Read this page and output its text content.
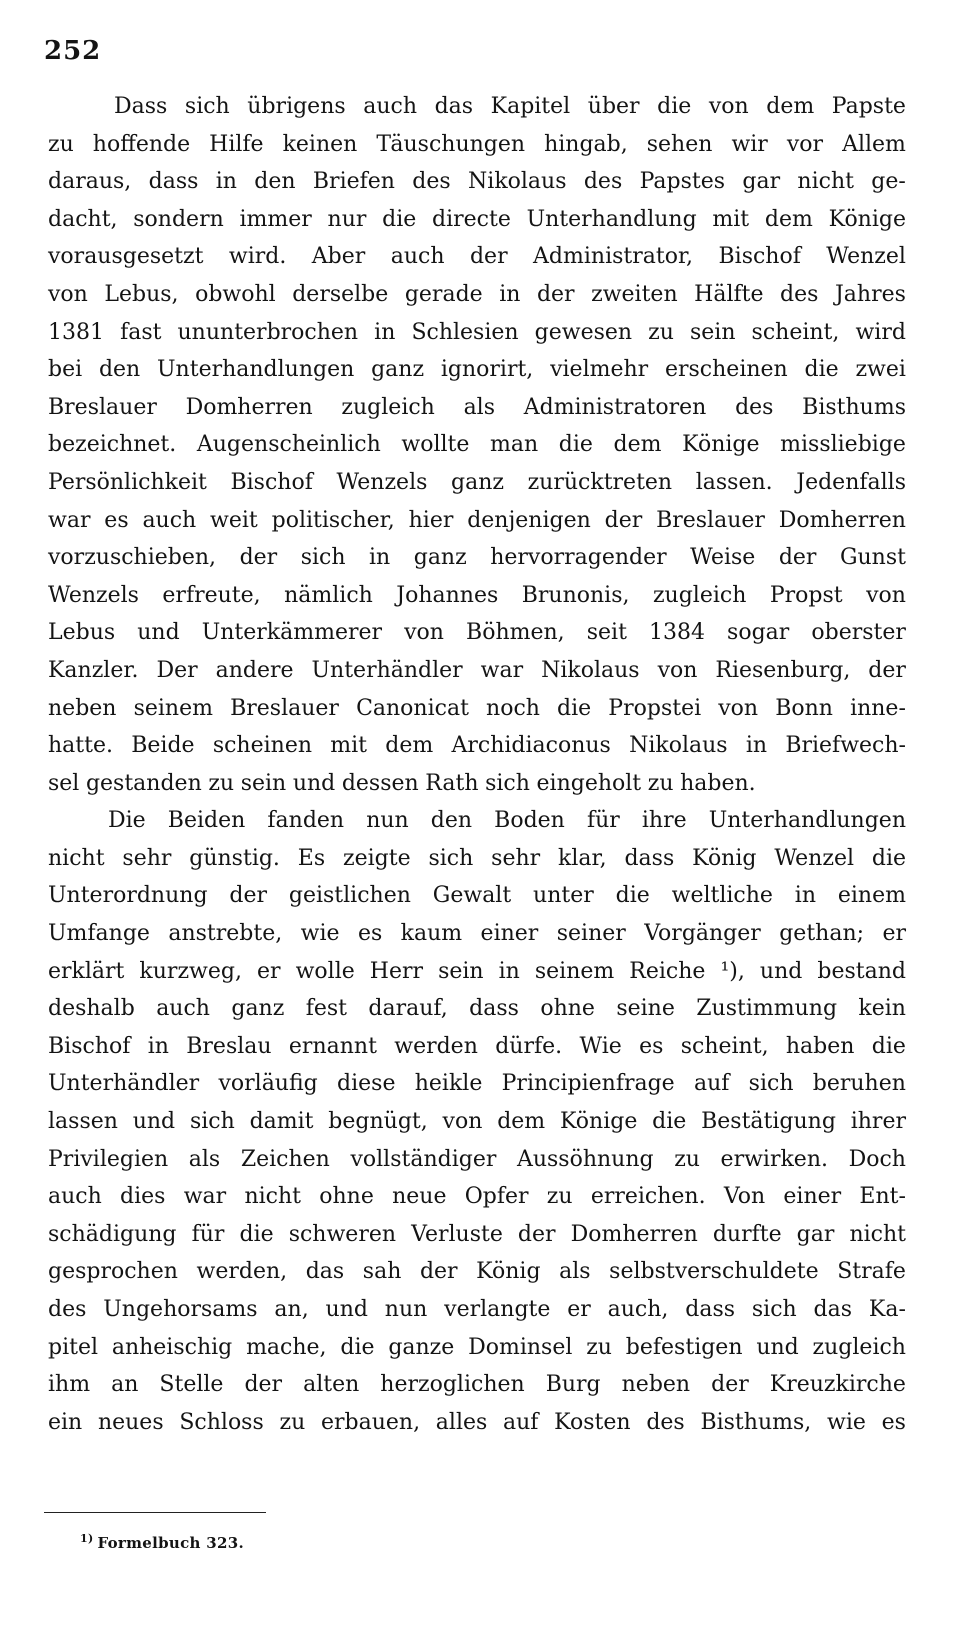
252
Dass sich übrigens auch das Kapitel über die von dem Papste
zu hoffende Hilfe keinen Täuschungen hingab, sehen wir vor Allem
daraus, dass in den Briefen des Nikolaus des Papstes gar nicht ge-
dacht, sondern immer nur die directe Unterhandlung mit dem Könige
vorausgesetzt wird. Aber auch der Administrator, Bischof Wenzel
von Lebus, obwohl derselbe gerade in der zweiten Hälfte des Jahres
1381 fast ununterbrochen in Schlesien gewesen zu sein scheint, wird
bei den Unterhandlungen ganz ignorirt, vielmehr erscheinen die zwei
Breslauer Domherren zugleich als Administratoren des Bisthums
bezeichnet. Augenscheinlich wollte man die dem Könige missliebige
Persönlichkeit Bischof Wenzels ganz zurücktreten lassen. Jedenfalls
war es auch weit politischer, hier denjenigen der Breslauer Domherren
vorzuschieben, der sich in ganz hervorragender Weise der Gunst
Wenzels erfreute, nämlich Johannes Brunonis, zugleich Propst von
Lebus und Unterkämmerer von Böhmen, seit 1384 sogar oberster
Kanzler. Der andere Unterhändler war Nikolaus von Riesenburg, der
neben seinem Breslauer Canonicat noch die Propstei von Bonn inne-
hatte. Beide scheinen mit dem Archidiaconus Nikolaus in Briefwech-
sel gestanden zu sein und dessen Rath sich eingeholt zu haben.
Die Beiden fanden nun den Boden für ihre Unterhandlungen
nicht sehr günstig. Es zeigte sich sehr klar, dass König Wenzel die
Unterordnung der geistlichen Gewalt unter die weltliche in einem
Umfange anstrebte, wie es kaum einer seiner Vorgänger gethan; er
erklärt kurzweg, er wolle Herr sein in seinem Reiche ¹), und bestand
deshalb auch ganz fest darauf, dass ohne seine Zustimmung kein
Bischof in Breslau ernannt werden dürfe. Wie es scheint, haben die
Unterhändler vorläufig diese heikle Principienfrage auf sich beruhen
lassen und sich damit begnügt, von dem Könige die Bestätigung ihrer
Privilegien als Zeichen vollständiger Aussöhnung zu erwirken. Doch
auch dies war nicht ohne neue Opfer zu erreichen. Von einer Ent-
schädigung für die schweren Verluste der Domherren durfte gar nicht
gesprochen werden, das sah der König als selbstverschuldete Strafe
des Ungehorsams an, und nun verlangte er auch, dass sich das Ka-
pitel anheischig mache, die ganze Dominsel zu befestigen und zugleich
ihm an Stelle der alten herzoglichen Burg neben der Kreuzkirche
ein neues Schloss zu erbauen, alles auf Kosten des Bisthums, wie es
$^{1)}$ Formelbuch 323.
